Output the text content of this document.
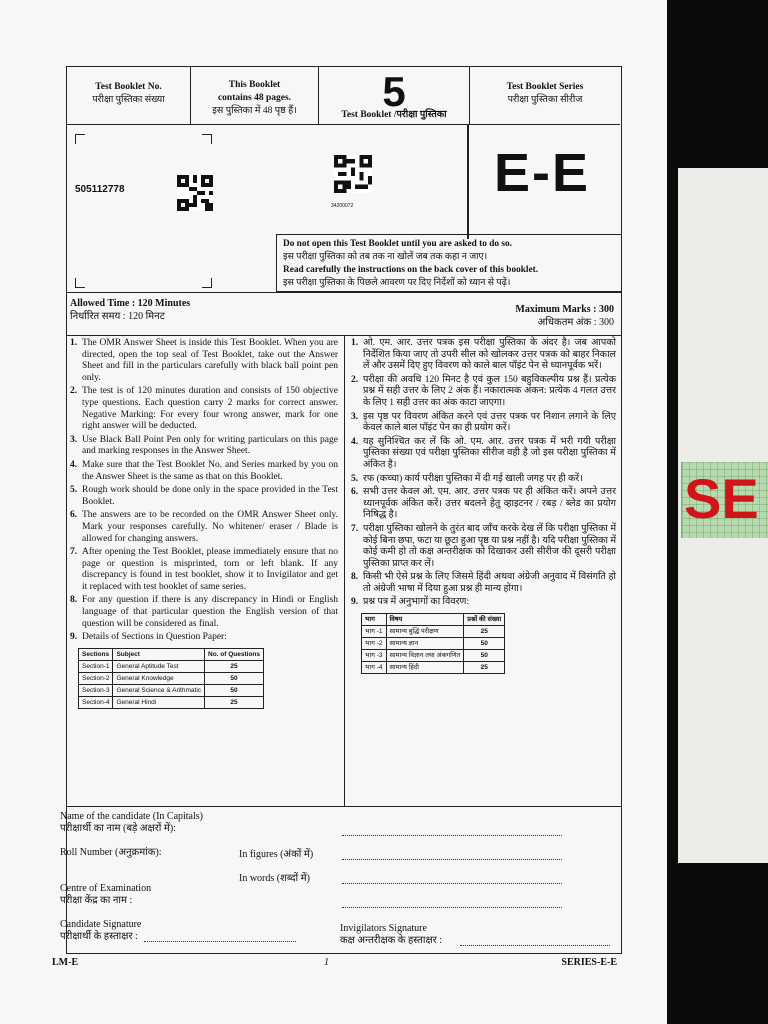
SE
Test Booklet No.
परीक्षा पुस्तिका संख्या
This Booklet
contains 48 pages.
इस पुस्तिका में 48 पृष्ठ हैं।	5
Test Booklet /परीक्षा पुस्तिका
Test Booklet Series
परीक्षा पुस्तिका सीरीज
505112778
34200072
E-E
Do not open this Test Booklet until you are asked to do so.
इस परीक्षा पुस्तिका को तब तक ना खोलें जब तक कहा न जाए।
Read carefully the instructions on the back cover of this booklet.
इस परीक्षा पुस्तिका के पिछले आवरण पर दिए निर्देशों को ध्यान से पढ़ें।
Allowed Time : 120 Minutes
निर्धारित समय : 120 मिनट
Maximum Marks : 300
अधिकतम अंक : 300
1. The OMR Answer Sheet is inside this Test Booklet. When you are directed, open the top seal of Test Booklet, take out the Answer Sheet and fill in the particulars carefully with black ball point pen only.
2. The test is of 120 minutes duration and consists of 150 objective type questions. Each question carry 2 marks for correct answer. Negative Marking: For every four wrong answer, mark for one right answer will be deducted.
3. Use Black Ball Point Pen only for writing particulars on this page and marking responses in the Answer Sheet.
4. Make sure that the Test Booklet No. and Series marked by you on the Answer Sheet is the same as that on this Booklet.
5. Rough work should be done only in the space provided in the Test Booklet.
6. The answers are to be recorded on the OMR Answer Sheet only. Mark your responses carefully. No whitener/ eraser / Blade is allowed for changing answers.
7. After opening the Test Booklet, please immediately ensure that no page or question is misprinted, torn or left blank. If any discrepancy is found in test booklet, show it to Invigilator and get it replaced with test booklet of same series.
8. For any question if there is any discrepancy in Hindi or English language of that particular question the English version of that question will be considered as final.
9. Details of Sections in Question Paper:
Sections	Subject	No. of Questions
Section-1	General Aptitude Test	25
Section-2	General Knowledge	50
Section-3	General Science & Arithmatic	50
Section-4	General Hindi	25
1. ओ. एम. आर. उत्तर पत्रक इस परीक्षा पुस्तिका के अंदर है। जब आपको निर्देशित किया जाए तो उपरी सील को खोलकर उत्तर पत्रक को बाहर निकाल लें और उसमें दिए हुए विवरण को काले बाल पॉइंट पेन से ध्यानपूर्वक भरें।
2. परीक्षा की अवधि 120 मिनट है एवं कुल 150 बहुविकल्पीय प्रश्न हैं। प्रत्येक प्रश्न में सही उत्तर के लिए 2 अंक हैं। नकारात्मक अंकन: प्रत्येक 4 गलत उत्तर के लिए 1 सही उत्तर का अंक काटा जाएगा।
3. इस पृष्ठ पर विवरण अंकित करने एवं उत्तर पत्रक पर निशान लगाने के लिए केवल काले बाल पॉइंट पेन का ही प्रयोग करें।
4. यह सुनिश्चित कर लें कि ओ. एम. आर. उत्तर पत्रक में भरी गयी परीक्षा पुस्तिका संख्या एवं परीक्षा पुस्तिका सीरीज वही है जो इस परीक्षा पुस्तिका में अंकित है।
5. रफ (कच्चा) कार्य परीक्षा पुस्तिका में दी गई खाली जगह पर ही करें।
6. सभी उत्तर केवल ओ. एम. आर. उत्तर पत्रक पर ही अंकित करें। अपने उत्तर ध्यानपूर्वक अंकित करें। उत्तर बदलने हेतु व्हाइटनर / रबड़ / ब्लेड का प्रयोग निषिद्ध है।
7. परीक्षा पुस्तिका खोलने के तुरंत बाद जाँच करके देख लें कि परीक्षा पुस्तिका में कोई बिना छपा, फटा या छूटा हुआ पृष्ठ या प्रश्न नहीं है। यदि परीक्षा पुस्तिका में कोई कमी हो तो कक्ष अन्तरीक्षक को दिखाकर उसी सीरीज की दूसरी परीक्षा पुस्तिका प्राप्त कर लें।
8. किसी भी ऐसे प्रश्न के लिए जिसमे हिंदी अथवा अंग्रेजी अनुवाद में विसंगति हो तो अंग्रेजी भाषा में दिया हुआ प्रश्न ही मान्य होगा।
9. प्रश्न पत्र में अनुभागों का विवरण:
भाग	विषय	प्रश्नों की संख्या
भाग -1	सामान्य बुद्धि परीक्षण	25
भाग -2	सामान्य ज्ञान	50
भाग -3	सामान्य विज्ञान तथा अंकगणित	50
भाग -4	सामान्य हिंदी	25
Name of the candidate (In Capitals)
परीक्षार्थी का नाम (बड़े अक्षरों में):
Roll Number (अनुक्रमांक):	In figures (अंकों में)
In words (शब्दों में)
Centre of Examination
परीक्षा केंद्र का नाम :
Candidate Signature
परीक्षार्थी के हस्ताक्षर :
Invigilators Signature
कक्ष अन्तरीक्षक के हस्ताक्षर :
LM-E	1	SERIES-E-E
